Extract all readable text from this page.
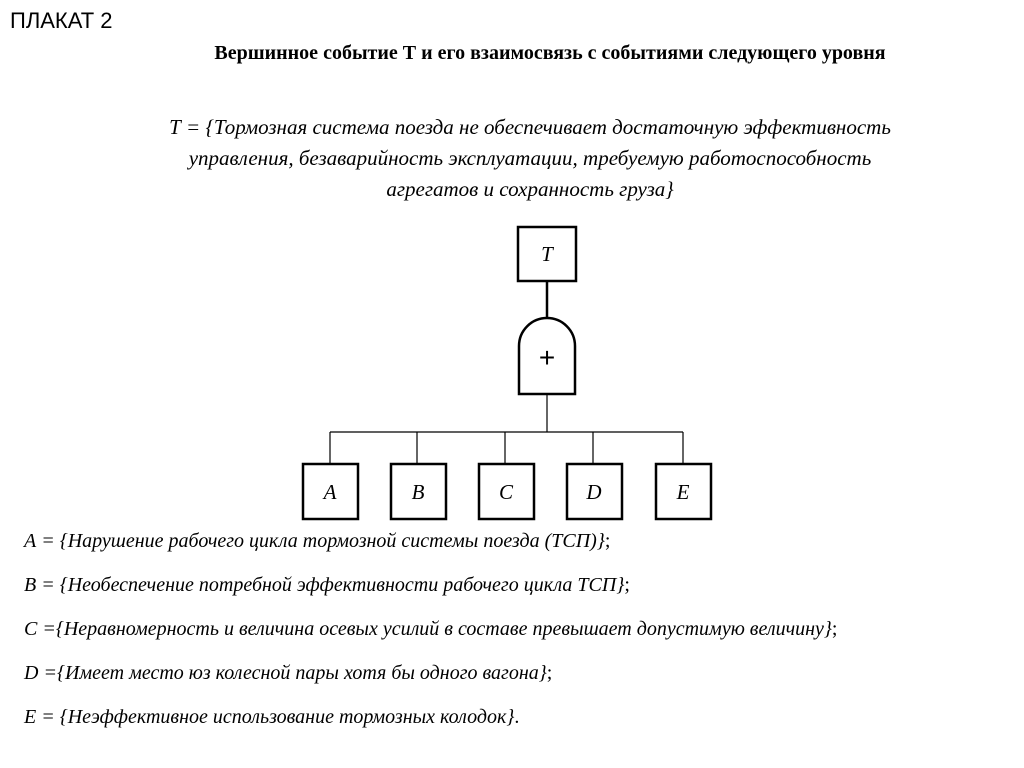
ПЛАКАТ 2
Вершинное событие Т и его взаимосвязь с событиями следующего уровня
Т = {Тормозная система поезда не обеспечивает достаточную эффективность
управления, безаварийность эксплуатации, требуемую работоспособность
агрегатов и сохранность груза}
Т
+
А	В	С	D	Е
А = {Нарушение рабочего цикла тормозной системы поезда (ТСП)};
В = {Необеспечение потребной эффективности рабочего цикла ТСП};
С ={Неравномерность и величина осевых усилий в составе превышает допустимую величину};
D ={Имеет место юз колесной пары хотя бы одного вагона};
Е = {Неэффективное использование тормозных колодок}.
